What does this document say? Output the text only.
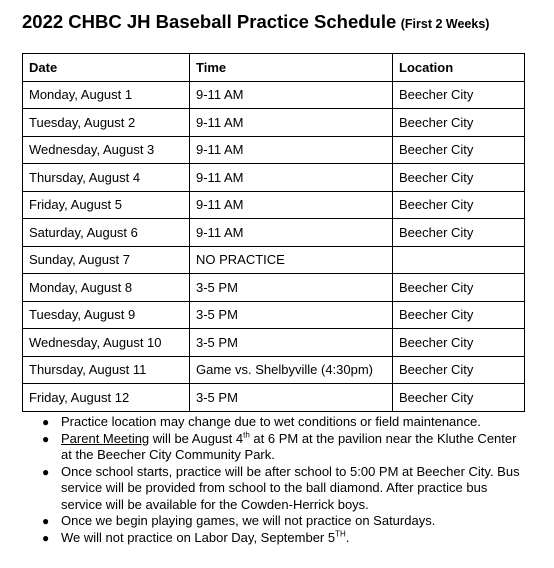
2022 CHBC JH Baseball Practice Schedule (First 2 Weeks)
Date	Time	Location
Monday, August 1	9-11 AM	Beecher City
Tuesday, August 2	9-11 AM	Beecher City
Wednesday, August 3	9-11 AM	Beecher City
Thursday, August 4	9-11 AM	Beecher City
Friday, August 5	9-11 AM	Beecher City
Saturday, August 6	9-11 AM	Beecher City
Sunday, August 7	NO PRACTICE	
Monday, August 8	3-5 PM	Beecher City
Tuesday, August 9	3-5 PM	Beecher City
Wednesday, August 10	3-5 PM	Beecher City
Thursday, August 11	Game vs. Shelbyville (4:30pm)	Beecher City
Friday, August 12	3-5 PM	Beecher City
● Practice location may change due to wet conditions or field maintenance.
● Parent Meeting will be August 4th at 6 PM at the pavilion near the Kluthe Center
at the Beecher City Community Park.
● Once school starts, practice will be after school to 5:00 PM at Beecher City. Bus
service will be provided from school to the ball diamond. After practice bus
service will be available for the Cowden-Herrick boys.
● Once we begin playing games, we will not practice on Saturdays.
● We will not practice on Labor Day, September 5TH.
